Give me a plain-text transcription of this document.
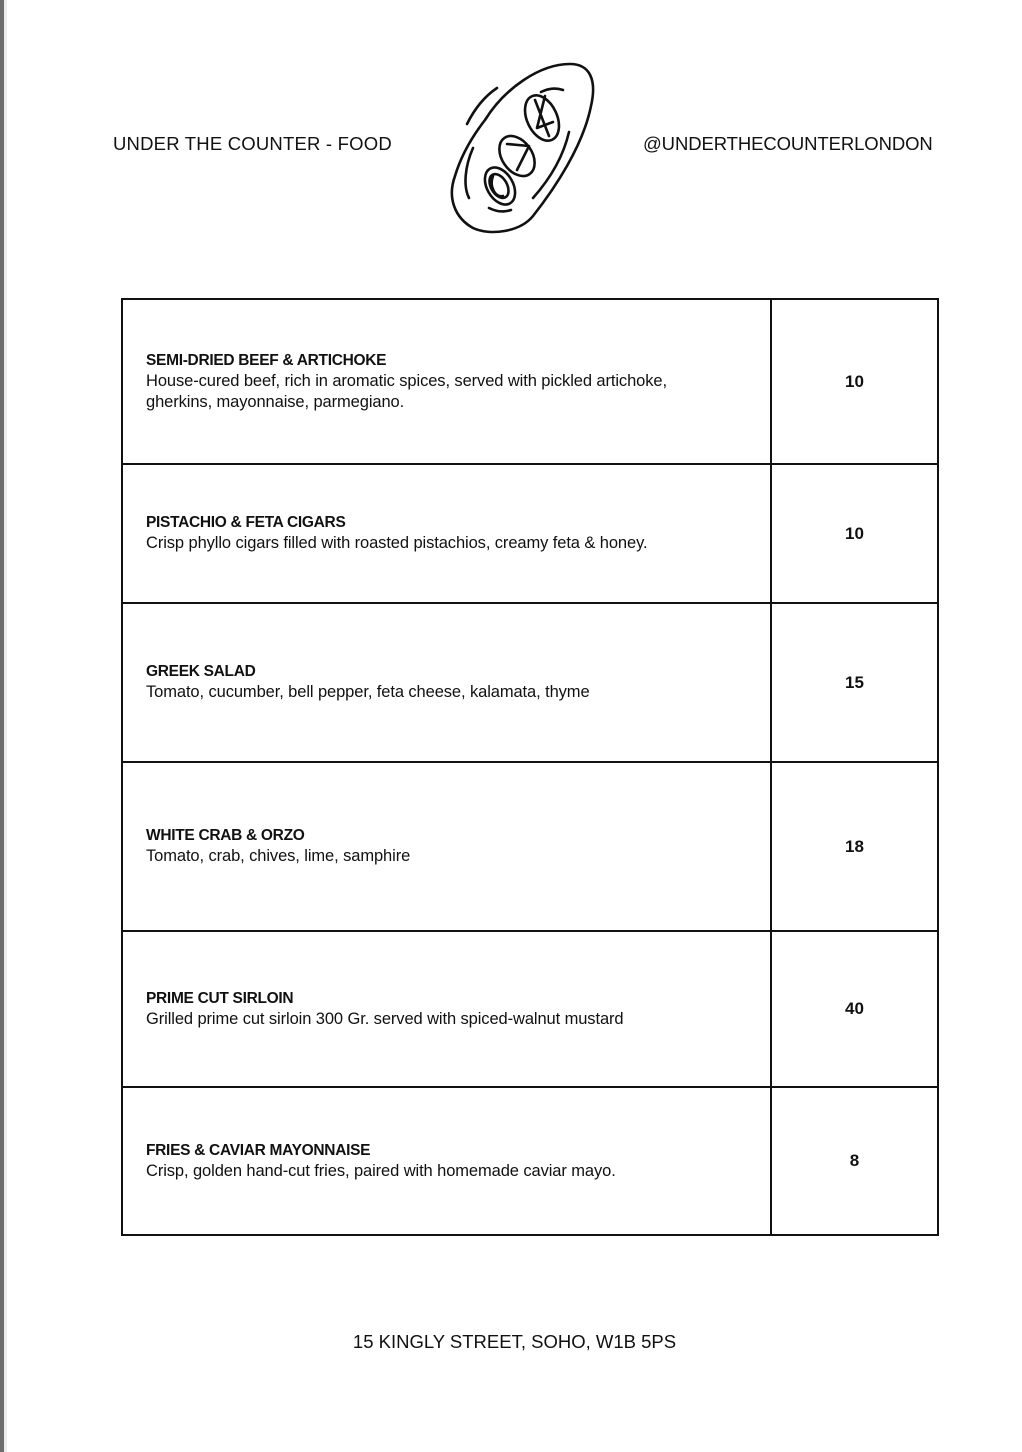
UNDER THE COUNTER - FOOD	@UNDERTHECOUNTERLONDON
SEMI-DRIED BEEF & ARTICHOKE
House-cured beef, rich in aromatic spices, served with pickled artichoke,
gherkins, mayonnaise, parmegiano.
10
PISTACHIO & FETA CIGARS
Crisp phyllo cigars filled with roasted pistachios, creamy feta & honey.
10
GREEK SALAD
Tomato, cucumber, bell pepper, feta cheese, kalamata, thyme
15
WHITE CRAB & ORZO
Tomato, crab, chives, lime, samphire
18
PRIME CUT SIRLOIN
Grilled prime cut sirloin 300 Gr. served with spiced-walnut mustard
40
FRIES & CAVIAR MAYONNAISE
Crisp, golden hand-cut fries, paired with homemade caviar mayo.
8
15 KINGLY STREET, SOHO, W1B 5PS
